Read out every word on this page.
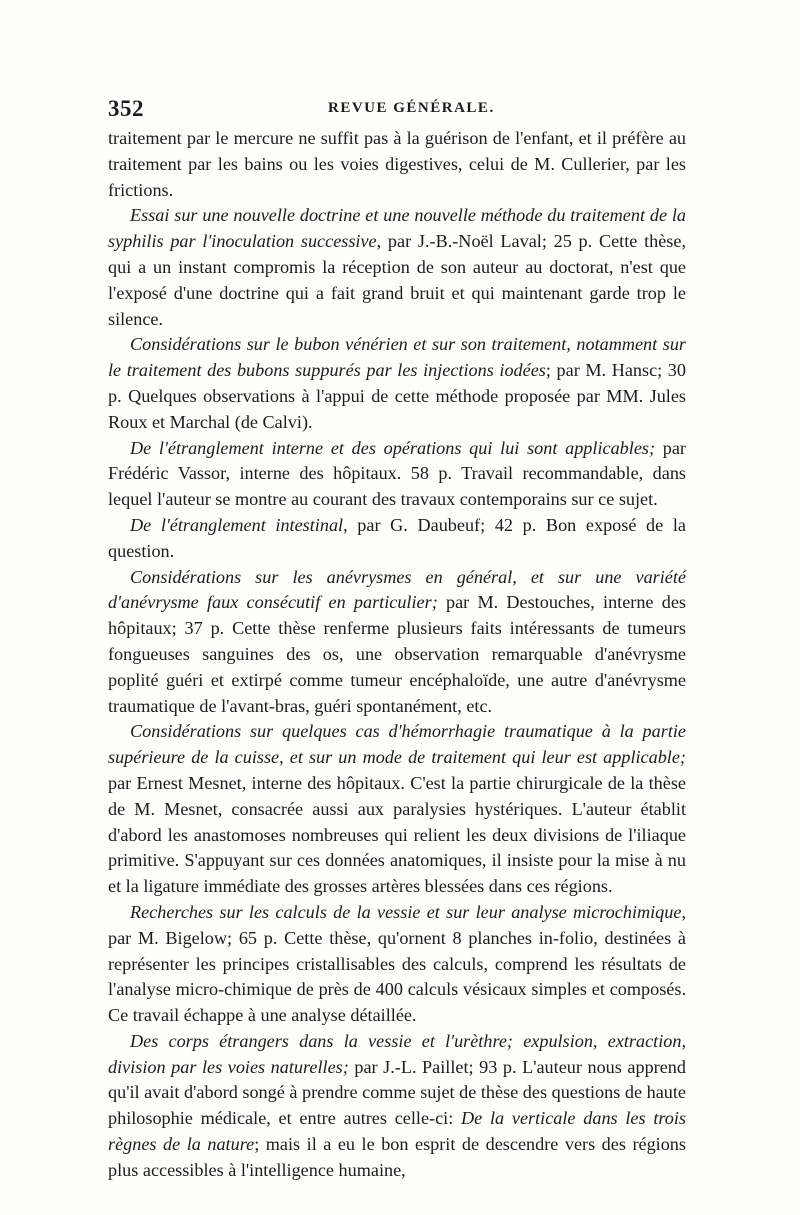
352	REVUE GÉNÉRALE.

traitement par le mercure ne suffit pas à la guérison de l'enfant, et il préfère au traitement par les bains ou les voies digestives, celui de M. Cullerier, par les frictions.

Essai sur une nouvelle doctrine et une nouvelle méthode du traitement de la syphilis par l'inoculation successive, par J.-B.-Noël Laval; 25 p. Cette thèse, qui a un instant compromis la réception de son auteur au doctorat, n'est que l'exposé d'une doctrine qui a fait grand bruit et qui maintenant garde trop le silence.

Considérations sur le bubon vénérien et sur son traitement, notamment sur le traitement des bubons suppurés par les injections iodées; par M. Hansc; 30 p. Quelques observations à l'appui de cette méthode proposée par MM. Jules Roux et Marchal (de Calvi).

De l'étranglement interne et des opérations qui lui sont applicables; par Frédéric Vassor, interne des hôpitaux. 58 p. Travail recommandable, dans lequel l'auteur se montre au courant des travaux contemporains sur ce sujet.

De l'étranglement intestinal, par G. Daubeuf; 42 p. Bon exposé de la question.

Considérations sur les anévrysmes en général, et sur une variété d'anévrysme faux consécutif en particulier; par M. Destouches, interne des hôpitaux; 37 p. Cette thèse renferme plusieurs faits intéressants de tumeurs fongueuses sanguines des os, une observation remarquable d'anévrysme poplité guéri et extirpé comme tumeur encéphaloïde, une autre d'anévrysme traumatique de l'avant-bras, guéri spontanément, etc.

Considérations sur quelques cas d'hémorrhagie traumatique à la partie supérieure de la cuisse, et sur un mode de traitement qui leur est applicable; par Ernest Mesnet, interne des hôpitaux. C'est la partie chirurgicale de la thèse de M. Mesnet, consacrée aussi aux paralysies hystériques. L'auteur établit d'abord les anastomoses nombreuses qui relient les deux divisions de l'iliaque primitive. S'appuyant sur ces données anatomiques, il insiste pour la mise à nu et la ligature immédiate des grosses artères blessées dans ces régions.

Recherches sur les calculs de la vessie et sur leur analyse microchimique, par M. Bigelow; 65 p. Cette thèse, qu'ornent 8 planches in-folio, destinées à représenter les principes cristallisables des calculs, comprend les résultats de l'analyse micro-chimique de près de 400 calculs vésicaux simples et composés. Ce travail échappe à une analyse détaillée.

Des corps étrangers dans la vessie et l'urèthre; expulsion, extraction, division par les voies naturelles; par J.-L. Paillet; 93 p. L'auteur nous apprend qu'il avait d'abord songé à prendre comme sujet de thèse des questions de haute philosophie médicale, et entre autres celle-ci: De la verticale dans les trois règnes de la nature; mais il a eu le bon esprit de descendre vers des régions plus accessibles à l'intelligence humaine,
